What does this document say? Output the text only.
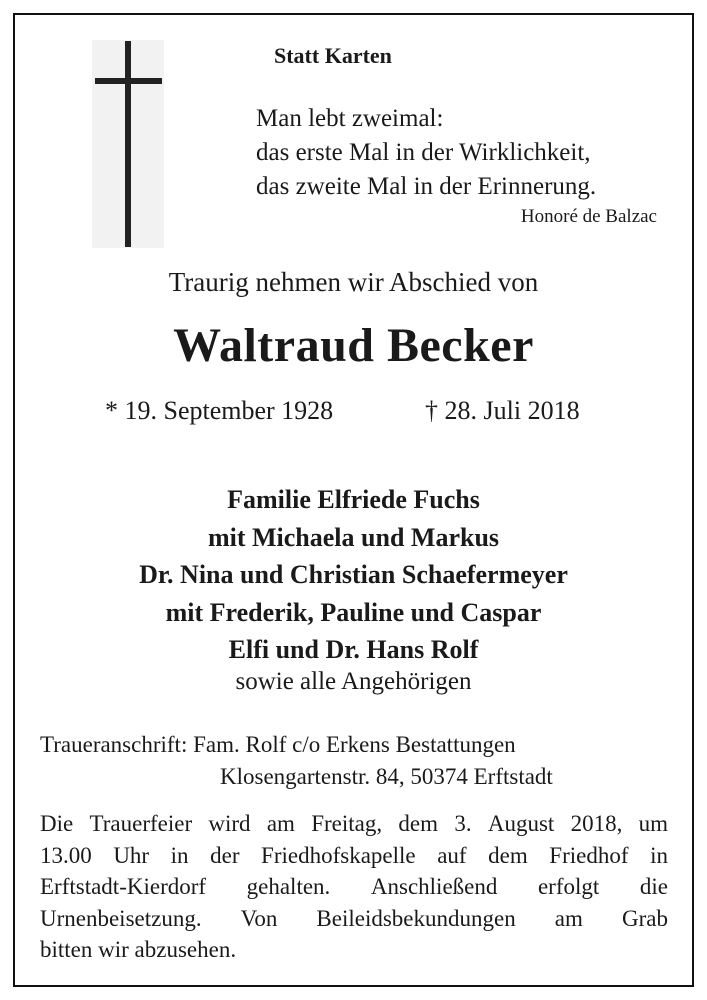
Statt Karten
Man lebt zweimal:
das erste Mal in der Wirklichkeit,
das zweite Mal in der Erinnerung.
Honoré de Balzac
Traurig nehmen wir Abschied von
Waltraud Becker
* 19. September 1928	† 28. Juli 2018
Familie Elfriede Fuchs
mit Michaela und Markus
Dr. Nina und Christian Schaefermeyer
mit Frederik, Pauline und Caspar
Elfi und Dr. Hans Rolf
sowie alle Angehörigen
Traueranschrift: Fam. Rolf c/o Erkens Bestattungen
Klosengartenstr. 84, 50374 Erftstadt
Die Trauerfeier wird am Freitag, dem 3. August 2018, um
13.00 Uhr in der Friedhofskapelle auf dem Friedhof in
Erftstadt-Kierdorf gehalten. Anschließend erfolgt die
Urnenbeisetzung. Von Beileidsbekundungen am Grab
bitten wir abzusehen.
